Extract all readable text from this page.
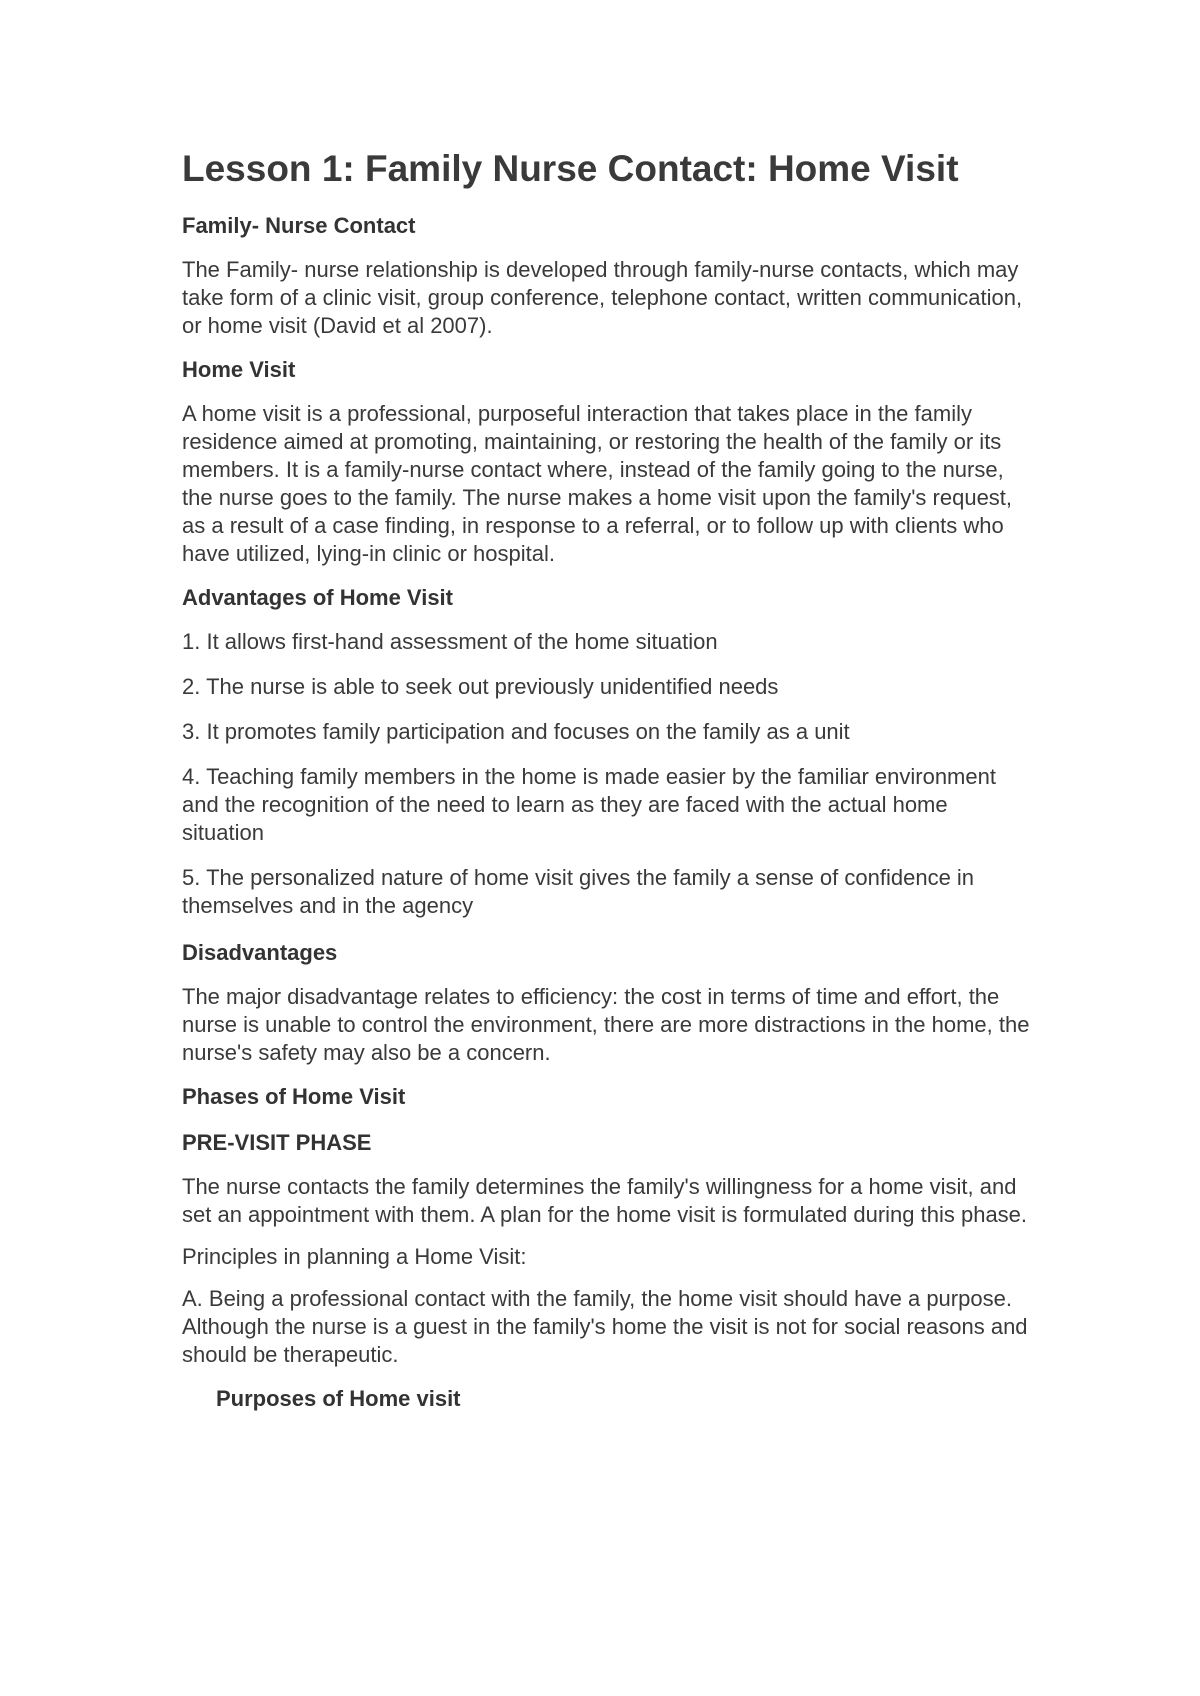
Lesson 1: Family Nurse Contact: Home Visit
Family- Nurse Contact

The Family- nurse relationship is developed through family-nurse contacts, which may take form of a clinic visit, group conference, telephone contact, written communication, or home visit (David et al 2007).

Home Visit

A home visit is a professional, purposeful interaction that takes place in the family residence aimed at promoting, maintaining, or restoring the health of the family or its members. It is a family-nurse contact where, instead of the family going to the nurse, the nurse goes to the family. The nurse makes a home visit upon the family's request, as a result of a case finding, in response to a referral, or to follow up with clients who have utilized, lying-in clinic or hospital.

Advantages of Home Visit

1. It allows first-hand assessment of the home situation

2. The nurse is able to seek out previously unidentified needs

3. It promotes family participation and focuses on the family as a unit

4. Teaching family members in the home is made easier by the familiar environment and the recognition of the need to learn as they are faced with the actual home situation

5. The personalized nature of home visit gives the family a sense of confidence in themselves and in the agency

Disadvantages

The major disadvantage relates to efficiency: the cost in terms of time and effort, the nurse is unable to control the environment, there are more distractions in the home, the nurse's safety may also be a concern.

Phases of Home Visit
PRE-VISIT PHASE

The nurse contacts the family determines the family's willingness for a home visit, and set an appointment with them. A plan for the home visit is formulated during this phase.

Principles in planning a Home Visit:

A. Being a professional contact with the family, the home visit should have a purpose. Although the nurse is a guest in the family's home the visit is not for social reasons and should be therapeutic.

Purposes of Home visit
